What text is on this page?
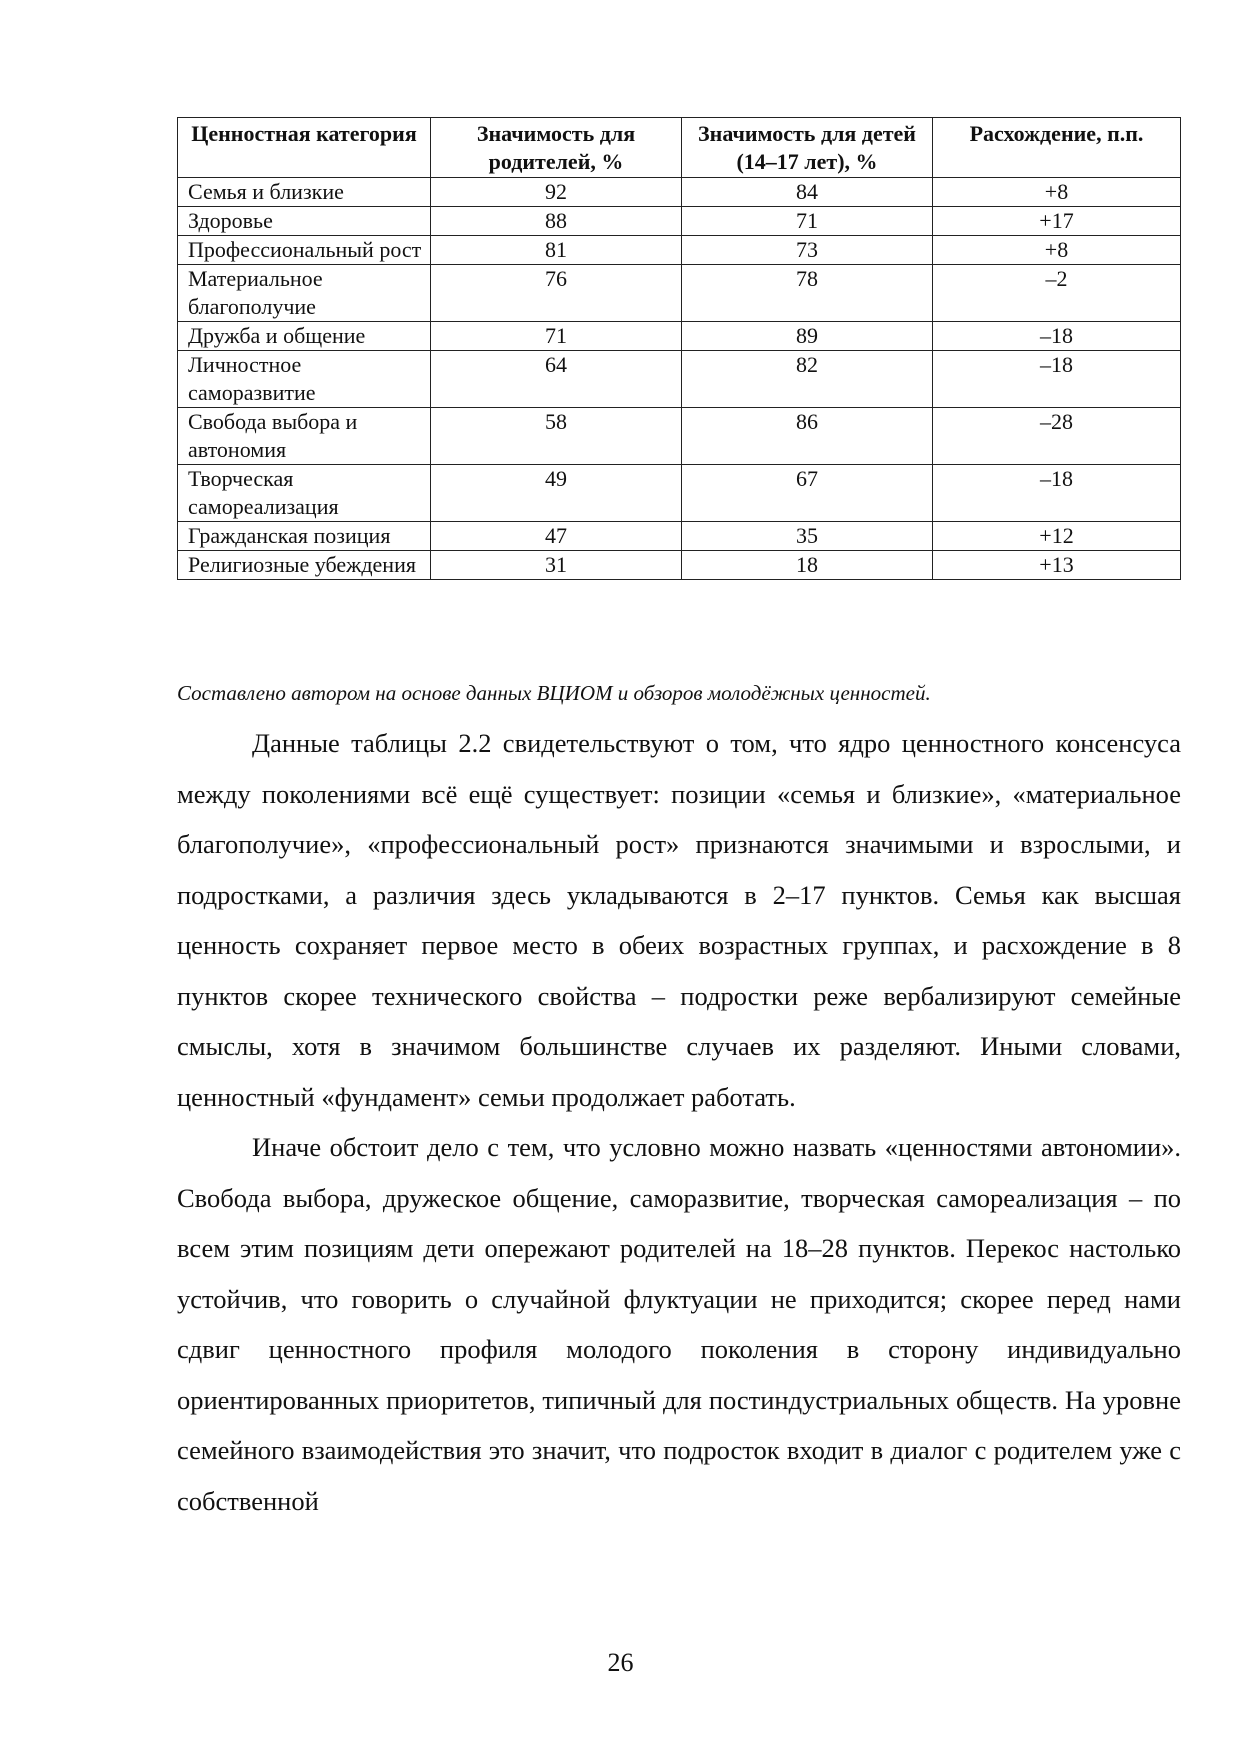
Ценностная категория	Значимость для родителей, %	Значимость для детей (14–17 лет), %	Расхождение, п.п.
Семья и близкие	92	84	+8
Здоровье	88	71	+17
Профессиональный рост	81	73	+8
Материальное благополучие	76	78	–2
Дружба и общение	71	89	–18
Личностное саморазвитие	64	82	–18
Свобода выбора и автономия	58	86	–28
Творческая самореализация	49	67	–18
Гражданская позиция	47	35	+12
Религиозные убеждения	31	18	+13
Составлено автором на основе данных ВЦИОМ и обзоров молодёжных ценностей.

Данные таблицы 2.2 свидетельствуют о том, что ядро ценностного консенсуса между поколениями всё ещё существует: позиции «семья и близкие», «материальное благополучие», «профессиональный рост» признаются значимыми и взрослыми, и подростками, а различия здесь укладываются в 2–17 пунктов. Семья как высшая ценность сохраняет первое место в обеих возрастных группах, и расхождение в 8 пунктов скорее технического свойства – подростки реже вербализируют семейные смыслы, хотя в значимом большинстве случаев их разделяют. Иными словами, ценностный «фундамент» семьи продолжает работать.

Иначе обстоит дело с тем, что условно можно назвать «ценностями автономии». Свобода выбора, дружеское общение, саморазвитие, творческая самореализация – по всем этим позициям дети опережают родителей на 18–28 пунктов. Перекос настолько устойчив, что говорить о случайной флуктуации не приходится; скорее перед нами сдвиг ценностного профиля молодого поколения в сторону индивидуально ориентированных приоритетов, типичный для постиндустриальных обществ. На уровне семейного взаимодействия это значит, что подросток входит в диалог с родителем уже с собственной

26
